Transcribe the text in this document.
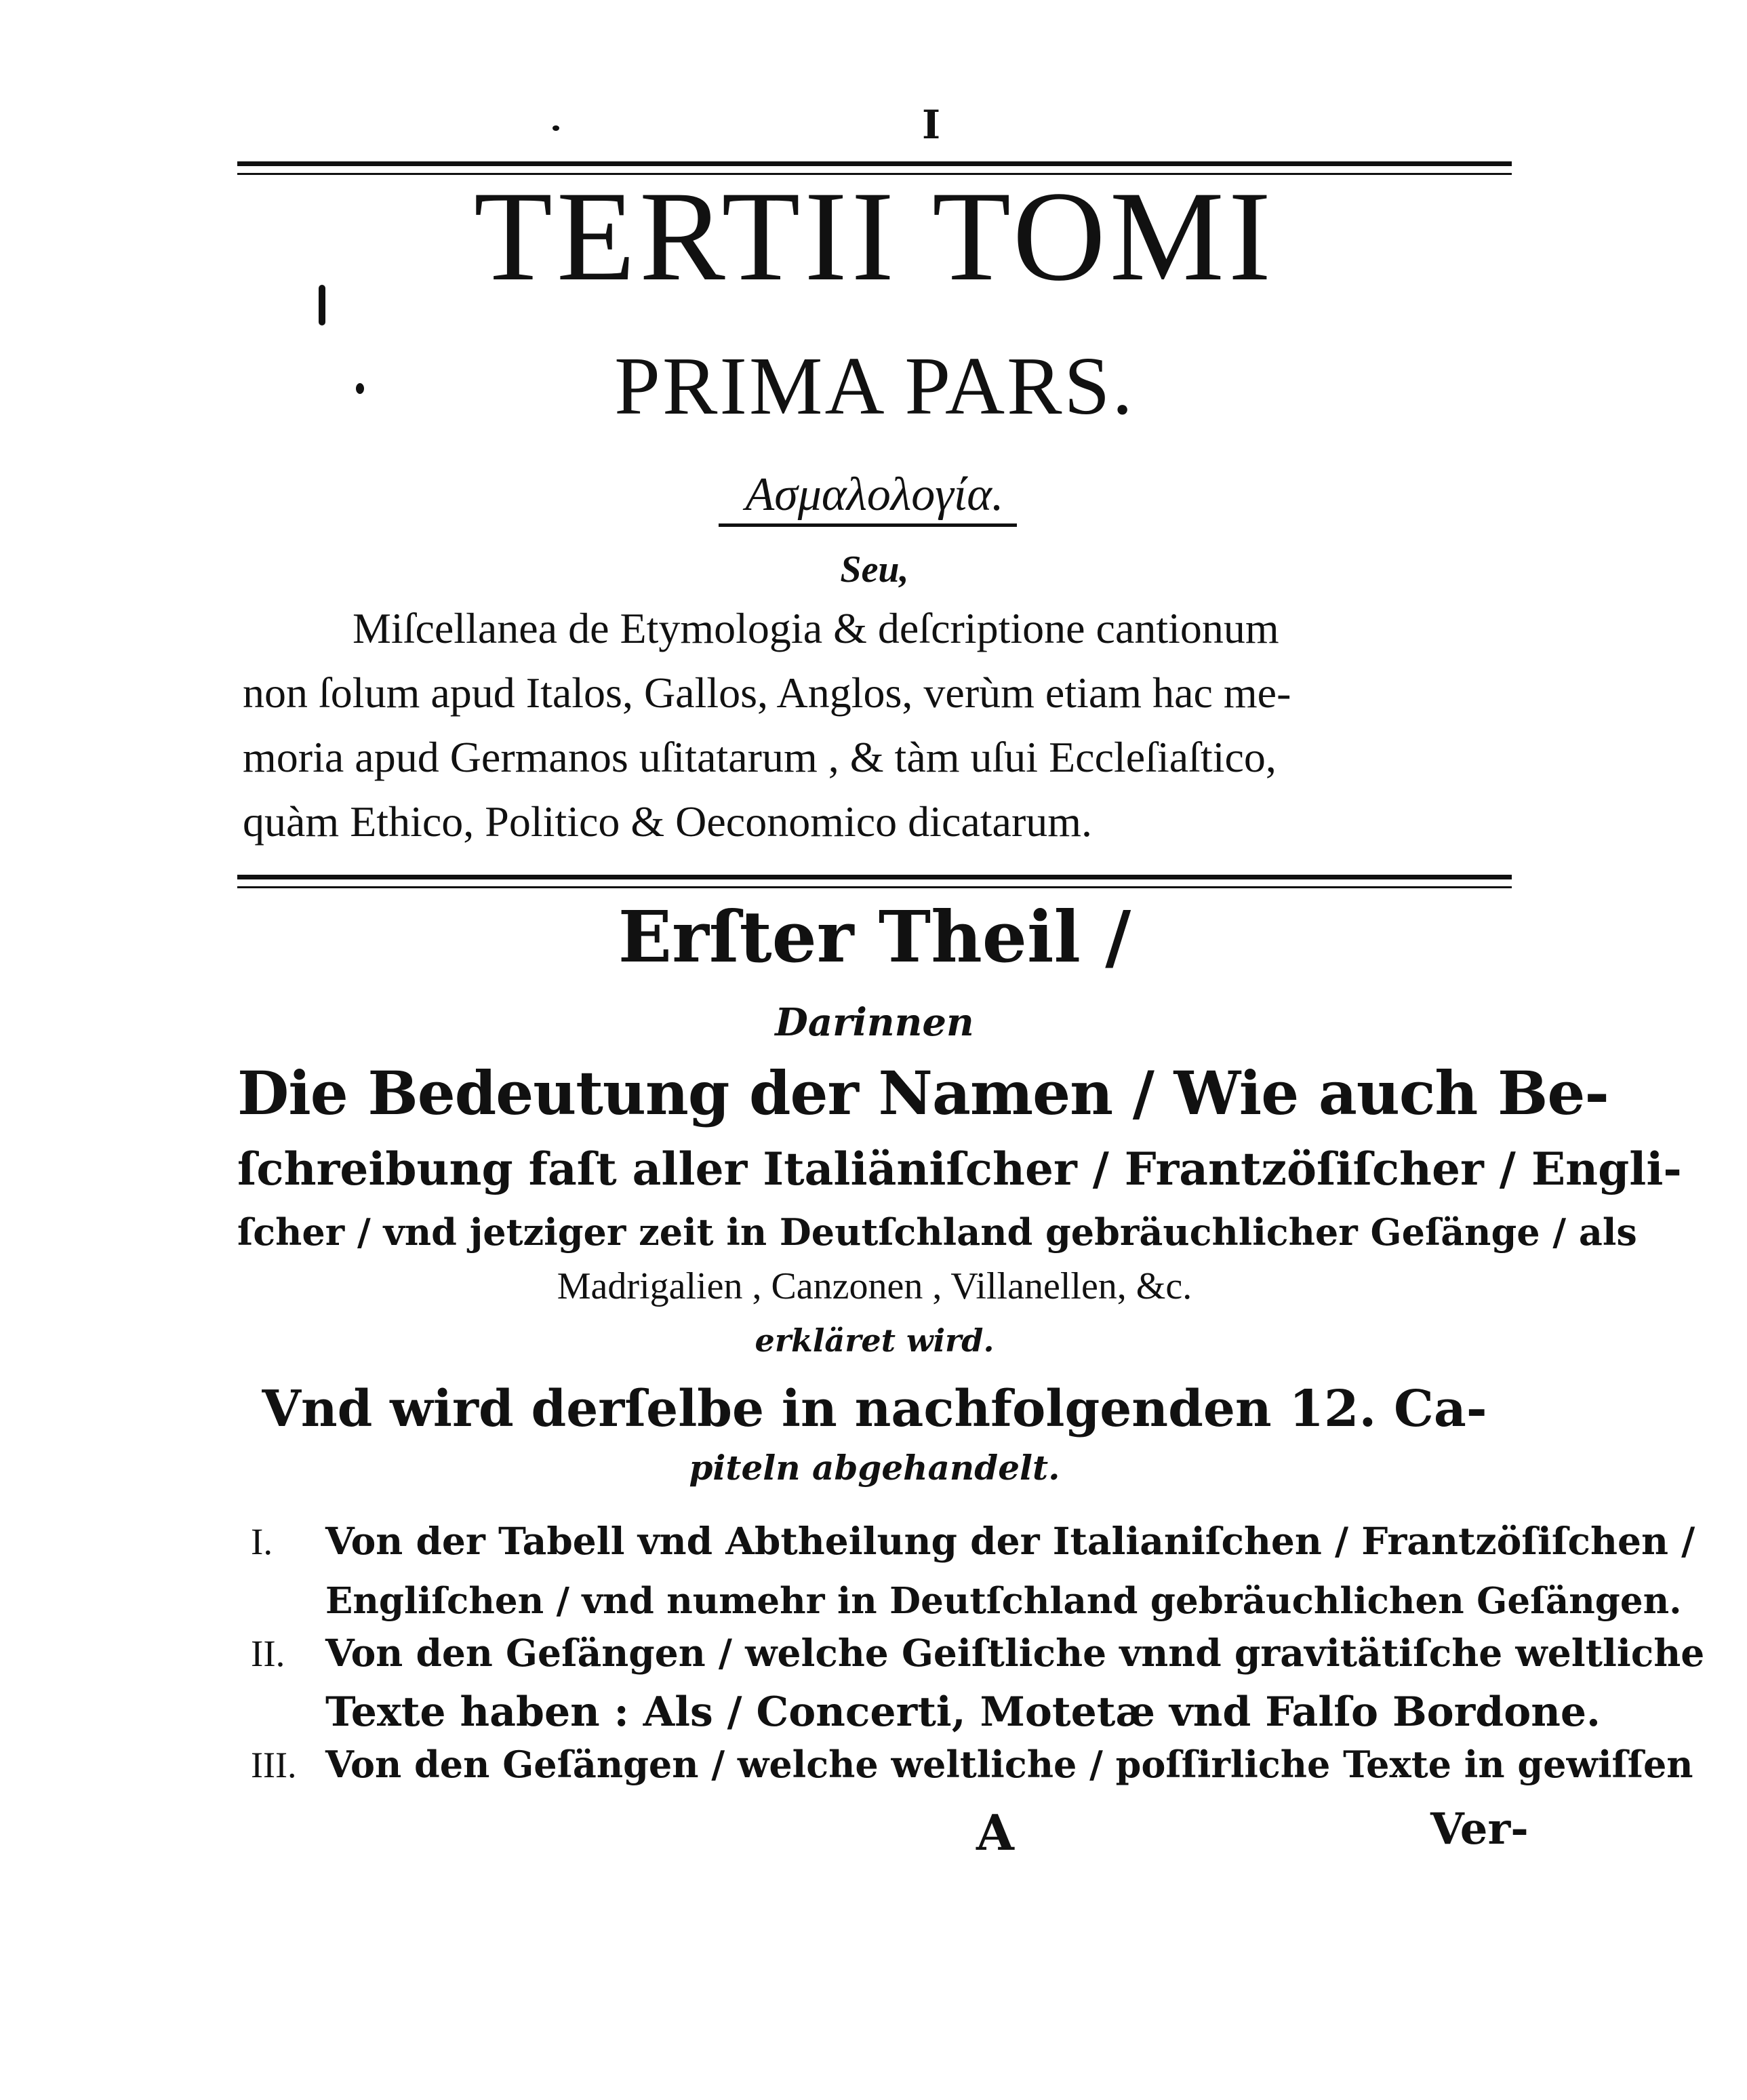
I
TERTII TOMI
PRIMA PARS.
Ασμαλολογία.
Seu,
Miſcellanea de Etymologia & deſcriptione cantionum
non ſolum apud Italos, Gallos, Anglos, verùm etiam hac me-
moria apud Germanos uſitatarum , & tàm uſui Eccleſiaſtico,
quàm Ethico, Politico & Oeconomico dicatarum.
Erſter Theil /
Darinnen
Die Bedeutung der Namen / Wie auch Be-
ſchreibung faſt aller Italiäniſcher / Frantzöſiſcher / Engli-
ſcher / vnd jetziger zeit in Deutſchland gebräuchlicher Geſänge / als
Madrigalien , Canzonen , Villanellen, &c.
erkläret wird.
Vnd wird derſelbe in nachfolgenden 12. Ca-
piteln abgehandelt.
I. Von der Tabell vnd Abtheilung der Italianiſchen / Frantzöſiſchen /
Engliſchen / vnd numehr in Deutſchland gebräuchlichen Geſängen.
II. Von den Geſängen / welche Geiſtliche vnnd gravitätiſche weltliche
Texte haben : Als / Concerti, Motetæ vnd Falſo Bordone.
III. Von den Geſängen / welche weltliche / poſſirliche Texte in gewiſſen
A	Ver-
